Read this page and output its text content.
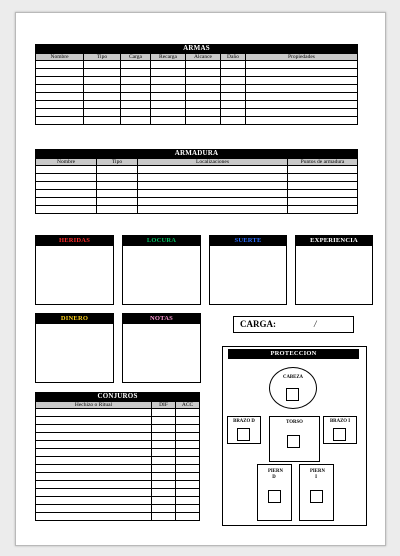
ARMAS
Nombre	Tipo	Carga	Recarga	Alcance	Daño	Propiedades

ARMADURA
Nombre	Tipo	Localizaciones	Puntos de armadura

HERIDAS	LOCURA	SUERTE	EXPERIENCIA
DINERO	NOTAS
CARGA:	/
CONJUROS
Hechizo o Ritual	DIF	ACC

PROTECCION
CABEZA
BRAZO D	TORSO	BRAZO I
PIERN D
PIERN I
